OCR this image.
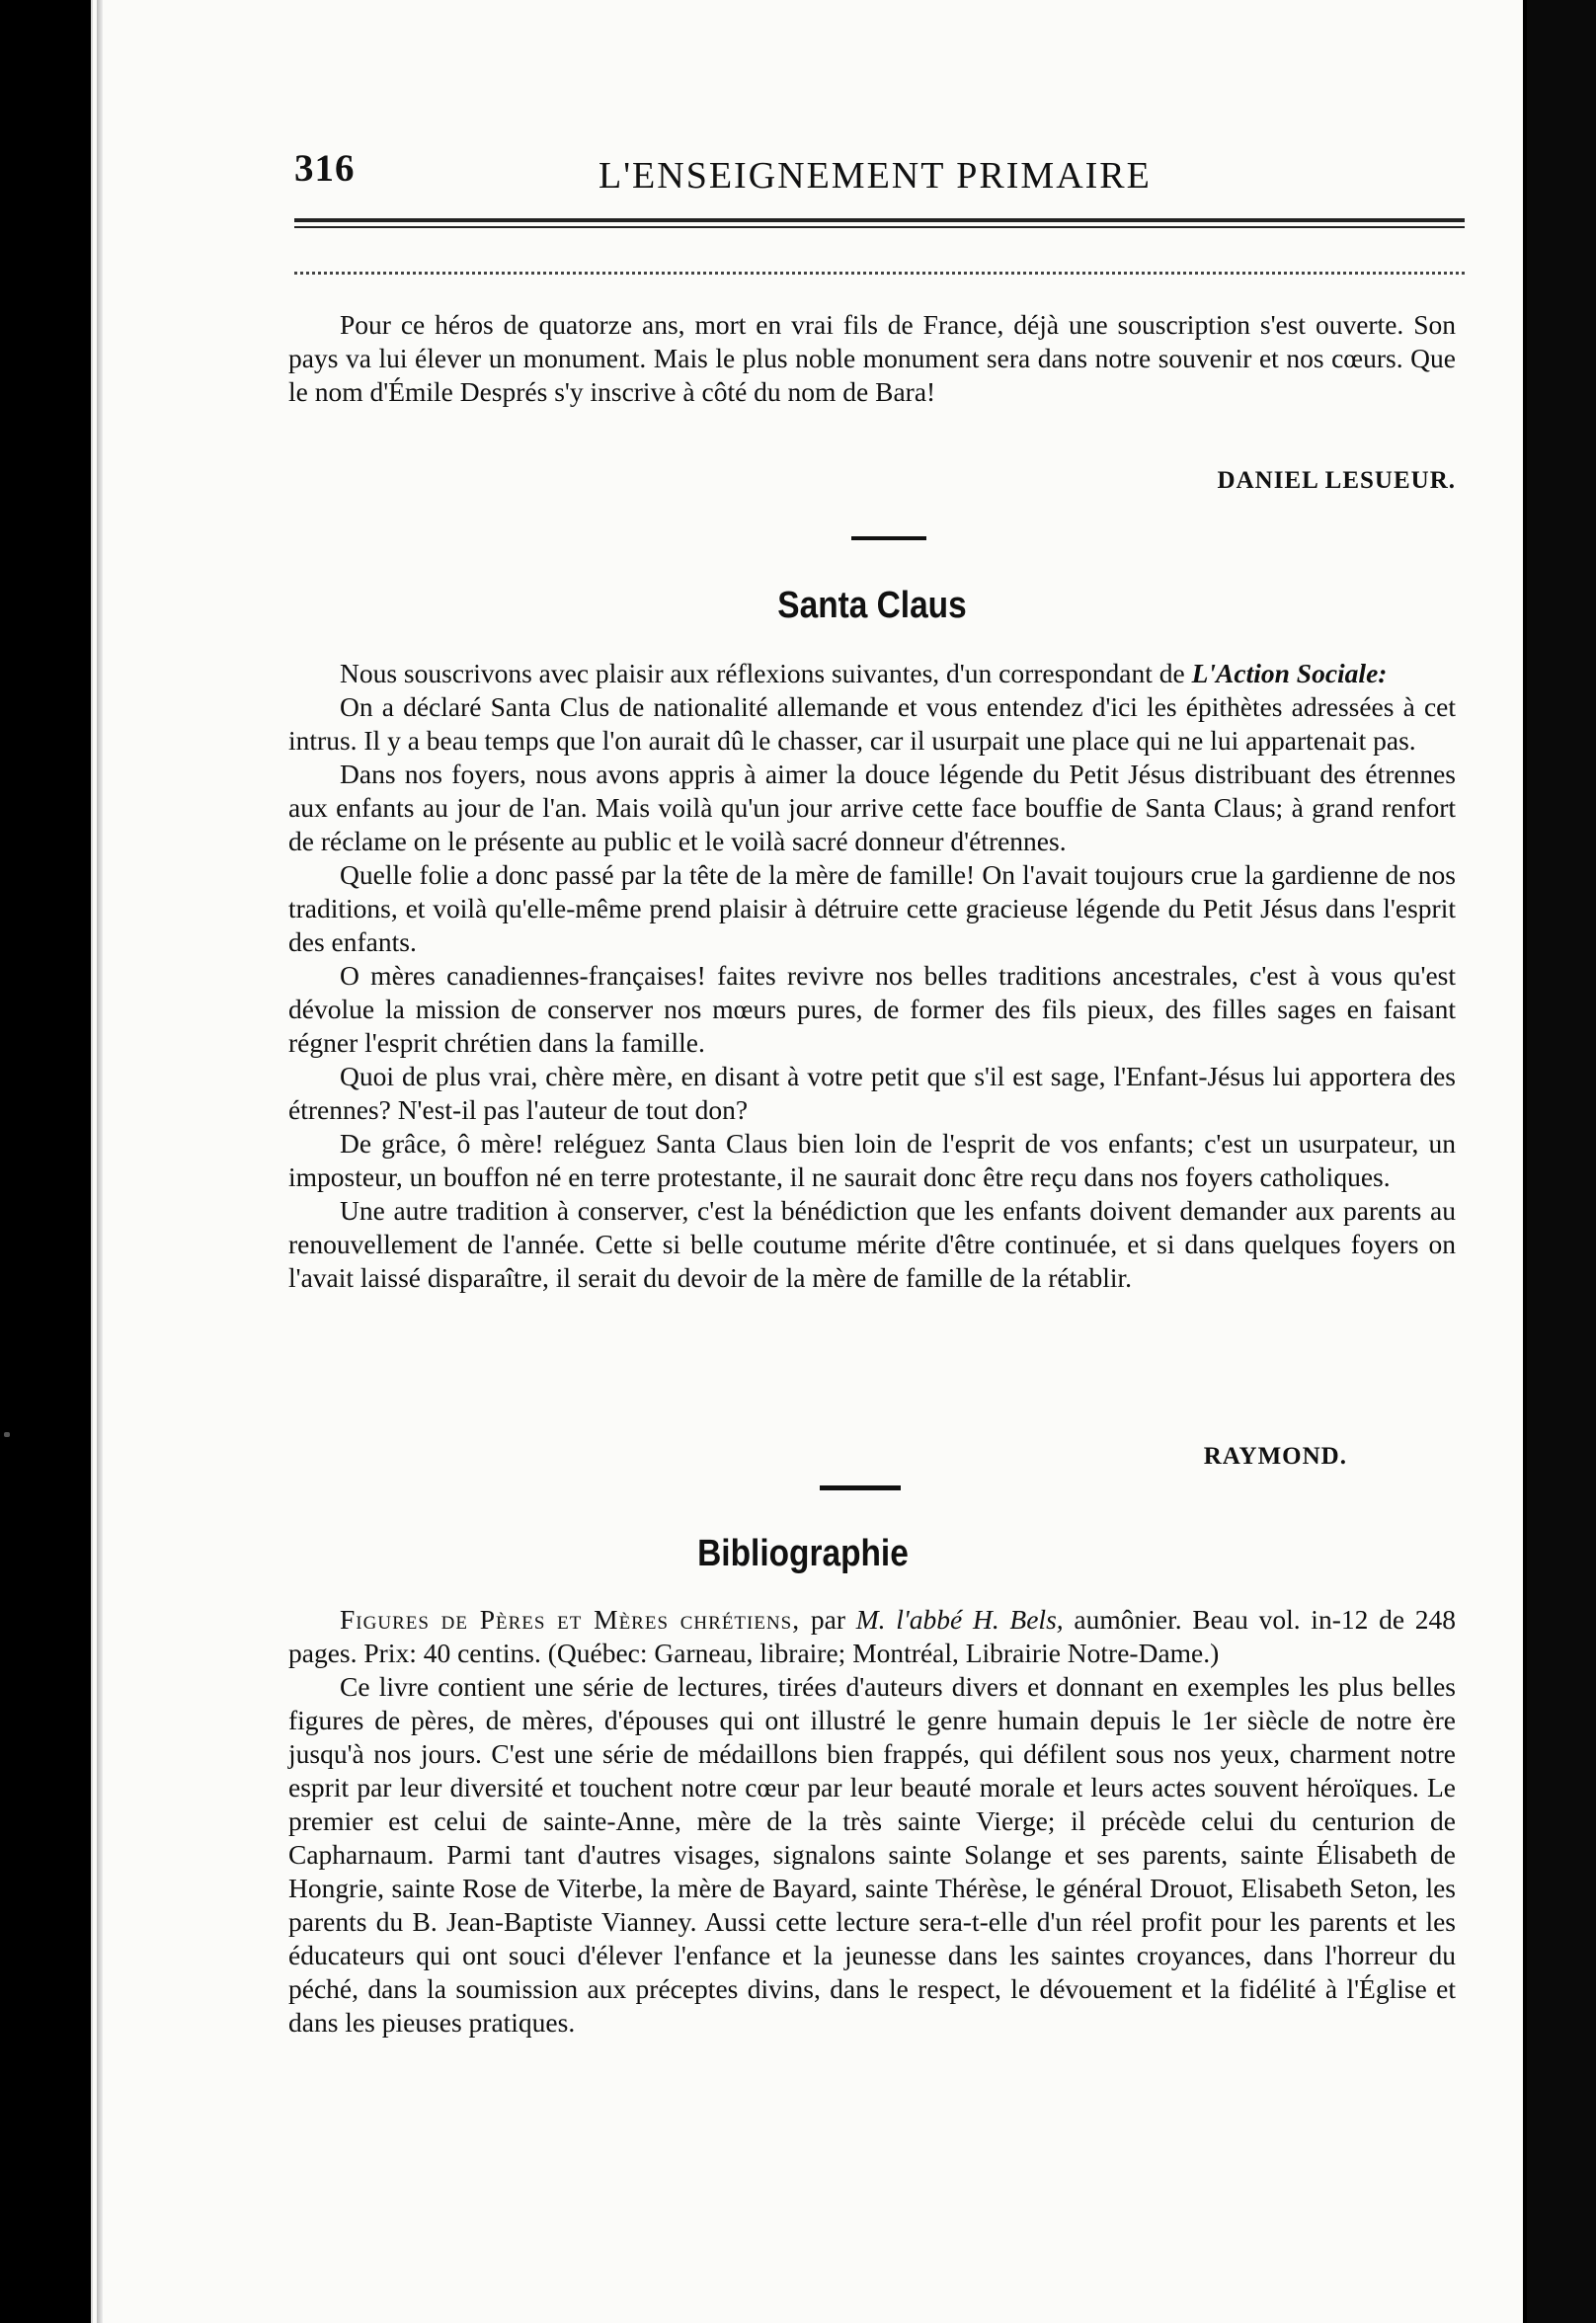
316	L'ENSEIGNEMENT PRIMAIRE

Pour ce héros de quatorze ans, mort en vrai fils de France, déjà une souscription s'est ouverte. Son pays va lui élever un monument. Mais le plus noble monument sera dans notre souvenir et nos cœurs. Que le nom d'Émile Després s'y inscrive à côté du nom de Bara!

DANIEL LESUEUR.
Santa Claus

Nous souscrivons avec plaisir aux réflexions suivantes, d'un correspondant de L'Action Sociale:

On a déclaré Santa Clus de nationalité allemande et vous entendez d'ici les épithètes adressées à cet intrus. Il y a beau temps que l'on aurait dû le chasser, car il usurpait une place qui ne lui appartenait pas.

Dans nos foyers, nous avons appris à aimer la douce légende du Petit Jésus distribuant des étrennes aux enfants au jour de l'an. Mais voilà qu'un jour arrive cette face bouffie de Santa Claus; à grand renfort de réclame on le présente au public et le voilà sacré donneur d'étrennes.

Quelle folie a donc passé par la tête de la mère de famille! On l'avait toujours crue la gardienne de nos traditions, et voilà qu'elle-même prend plaisir à détruire cette gracieuse légende du Petit Jésus dans l'esprit des enfants.

O mères canadiennes-françaises! faites revivre nos belles traditions ancestrales, c'est à vous qu'est dévolue la mission de conserver nos mœurs pures, de former des fils pieux, des filles sages en faisant régner l'esprit chrétien dans la famille.

Quoi de plus vrai, chère mère, en disant à votre petit que s'il est sage, l'Enfant-Jésus lui apportera des étrennes? N'est-il pas l'auteur de tout don?

De grâce, ô mère! reléguez Santa Claus bien loin de l'esprit de vos enfants; c'est un usurpateur, un imposteur, un bouffon né en terre protestante, il ne saurait donc être reçu dans nos foyers catholiques.

Une autre tradition à conserver, c'est la bénédiction que les enfants doivent demander aux parents au renouvellement de l'année. Cette si belle coutume mérite d'être continuée, et si dans quelques foyers on l'avait laissé disparaître, il serait du devoir de la mère de famille de la rétablir.

RAYMOND.
Bibliographie

Figures de Pères et Mères chrétiens, par M. l'abbé H. Bels, aumônier. Beau vol. in-12 de 248 pages. Prix: 40 centins. (Québec: Garneau, libraire; Montréal, Librairie Notre-Dame.)

Ce livre contient une série de lectures, tirées d'auteurs divers et donnant en exemples les plus belles figures de pères, de mères, d'épouses qui ont illustré le genre humain depuis le 1er siècle de notre ère jusqu'à nos jours. C'est une série de médaillons bien frappés, qui défilent sous nos yeux, charment notre esprit par leur diversité et touchent notre cœur par leur beauté morale et leurs actes souvent héroïques. Le premier est celui de sainte-Anne, mère de la très sainte Vierge; il précède celui du centurion de Capharnaum. Parmi tant d'autres visages, signalons sainte Solange et ses parents, sainte Élisabeth de Hongrie, sainte Rose de Viterbe, la mère de Bayard, sainte Thérèse, le général Drouot, Elisabeth Seton, les parents du B. Jean-Baptiste Vianney. Aussi cette lecture sera-t-elle d'un réel profit pour les parents et les éducateurs qui ont souci d'élever l'enfance et la jeunesse dans les saintes croyances, dans l'horreur du péché, dans la soumission aux préceptes divins, dans le respect, le dévouement et la fidélité à l'Église et dans les pieuses pratiques.
